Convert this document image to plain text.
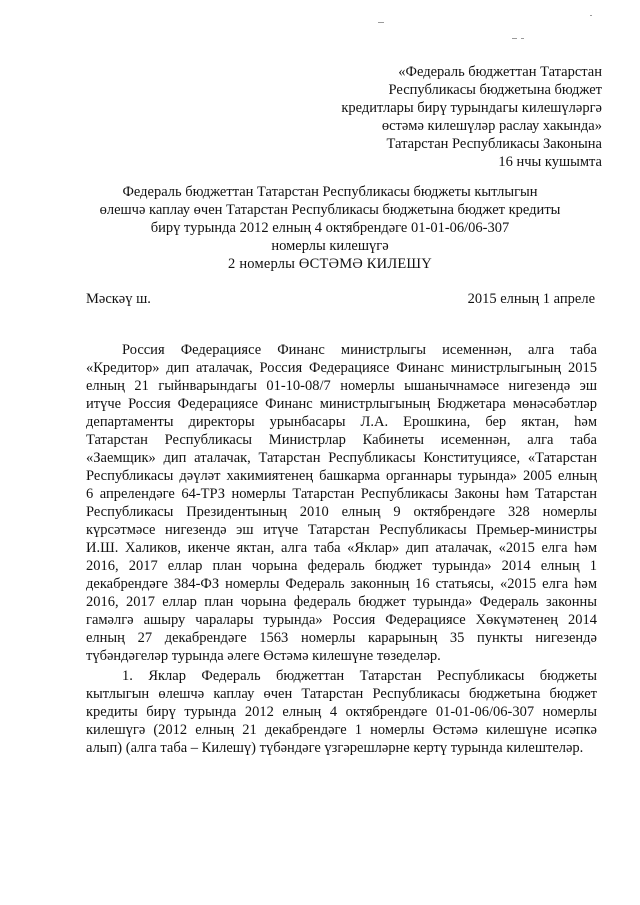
«Федераль бюджеттан Татарстан
Республикасы бюджетына бюджет
кредитлары бирү турындагы килешүләргә
өстәмә килешүләр раслау хакында»
Татарстан Республикасы Законына
16 нчы кушымта
Федераль бюджеттан Татарстан Республикасы бюджеты кытлыгын
өлешчә каплау өчен Татарстан Республикасы бюджетына бюджет кредиты
бирү турында 2012 елның 4 октябрендәге 01-01-06/06-307
номерлы килешүгә
2 номерлы ӨСТӘМӘ КИЛЕШҮ
Мәскәү ш.	2015 елның 1 апреле
Россия Федерациясе Финанс министрлыгы исеменнән, алга таба
«Кредитор» дип аталачак, Россия Федерациясе Финанс министрлыгының 2015
елның 21 гыйнварындагы 01-10-08/7 номерлы ышанычнамәсе нигезендә эш
итүче Россия Федерациясе Финанс министрлыгының Бюджетара мөнәсәбәтләр
департаменты директоры урынбасары Л.А. Ерошкина, бер яктан, һәм
Татарстан Республикасы Министрлар Кабинеты исеменнән, алга таба
«Заемщик» дип аталачак, Татарстан Республикасы Конституциясе, «Татарстан
Республикасы дәүләт хакимиятенең башкарма органнары турында» 2005 елның
6 апрелендәге 64-ТРЗ номерлы Татарстан Республикасы Законы һәм Татарстан
Республикасы Президентының 2010 елның 9 октябрендәге 328 номерлы
күрсәтмәсе нигезендә эш итүче Татарстан Республикасы Премьер-министры
И.Ш. Халиков, икенче яктан, алга таба «Яклар» дип аталачак, «2015 елга һәм
2016, 2017 еллар план чорына федераль бюджет турында» 2014 елның 1
декабрендәге 384-ФЗ номерлы Федераль законның 16 статьясы, «2015 елга һәм
2016, 2017 еллар план чорына федераль бюджет турында» Федераль законны
гамәлгә ашыру чаралары турында» Россия Федерациясе Хөкүмәтенең 2014
елның 27 декабрендәге 1563 номерлы карарының 35 пункты нигезендә
түбәндәгеләр турында әлеге Өстәмә килешүне төзеделәр.
1. Яклар Федераль бюджеттан Татарстан Республикасы бюджеты
кытлыгын өлешчә каплау өчен Татарстан Республикасы бюджетына бюджет
кредиты бирү турында 2012 елның 4 октябрендәге 01-01-06/06-307 номерлы
килешүгә (2012 елның 21 декабрендәге 1 номерлы Өстәмә килешүне исәпкә
алып) (алга таба – Килешү) түбәндәге үзгәрешләрне кертү турында килештеләр.
